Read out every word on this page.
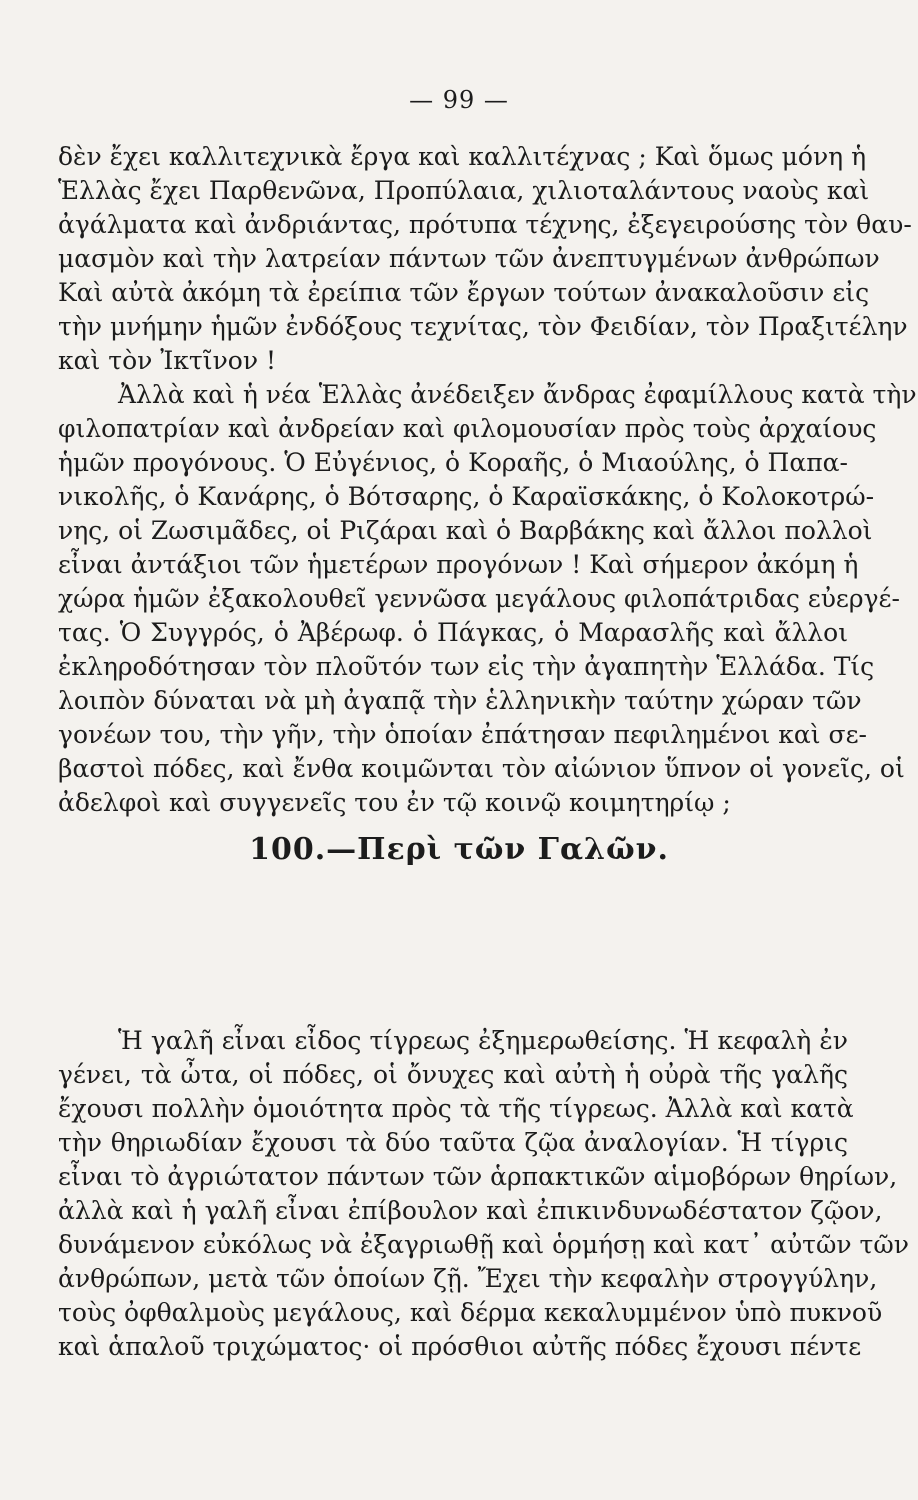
— 99 —
δὲν ἔχει καλλιτεχνικὰ ἔργα καὶ καλλιτέχνας ; Καὶ ὅμως μόνη ἡ
Ἑλλὰς ἔχει Παρθενῶνα, Προπύλαια, χιλιοταλάντους ναοὺς καὶ
ἀγάλματα καὶ ἀνδριάντας, πρότυπα τέχνης, ἐξεγειρούσης τὸν θαυ-
μασμὸν καὶ τὴν λατρείαν πάντων τῶν ἀνεπτυγμένων ἀνθρώπων
Καὶ αὐτὰ ἀκόμη τὰ ἐρείπια τῶν ἔργων τούτων ἀνακαλοῦσιν εἰς
τὴν μνήμην ἡμῶν ἐνδόξους τεχνίτας, τὸν Φειδίαν, τὸν Πραξιτέλην
καὶ τὸν Ἰκτῖνον !
Ἀλλὰ καὶ ἡ νέα Ἑλλὰς ἀνέδειξεν ἄνδρας ἐφαμίλλους κατὰ τὴν
φιλοπατρίαν καὶ ἀνδρείαν καὶ φιλομουσίαν πρὸς τοὺς ἀρχαίους
ἡμῶν προγόνους. Ὁ Εὐγένιος, ὁ Κοραῆς, ὁ Μιαούλης, ὁ Παπα-
νικολῆς, ὁ Κανάρης, ὁ Βότσαρης, ὁ Καραϊσκάκης, ὁ Κολοκοτρώ-
νης, οἱ Ζωσιμᾶδες, οἱ Ριζάραι καὶ ὁ Βαρβάκης καὶ ἄλλοι πολλοὶ
εἶναι ἀντάξιοι τῶν ἡμετέρων προγόνων ! Καὶ σήμερον ἀκόμη ἡ
χώρα ἡμῶν ἐξακολουθεῖ γεννῶσα μεγάλους φιλοπάτριδας εὐεργέ-
τας. Ὁ Συγγρός, ὁ Ἀβέρωφ. ὁ Πάγκας, ὁ Μαρασλῆς καὶ ἄλλοι
ἐκληροδότησαν τὸν πλοῦτόν των εἰς τὴν ἀγαπητὴν Ἑλλάδα. Τίς
λοιπὸν δύναται νὰ μὴ ἀγαπᾷ τὴν ἑλληνικὴν ταύτην χώραν τῶν
γονέων του, τὴν γῆν, τὴν ὁποίαν ἐπάτησαν πεφιλημένοι καὶ σε-
βαστοὶ πόδες, καὶ ἔνθα κοιμῶνται τὸν αἰώνιον ὕπνον οἱ γονεῖς, οἱ
ἀδελφοὶ καὶ συγγενεῖς του ἐν τῷ κοινῷ κοιμητηρίῳ ;
100.—Περὶ τῶν Γαλῶν.
Ἡ γαλῆ εἶναι εἶδος τίγρεως ἐξημερωθείσης. Ἡ κεφαλὴ ἐν
γένει, τὰ ὦτα, οἱ πόδες, οἱ ὄνυχες καὶ αὐτὴ ἡ οὐρὰ τῆς γαλῆς
ἔχουσι πολλὴν ὁμοιότητα πρὸς τὰ τῆς τίγρεως. Ἀλλὰ καὶ κατὰ
τὴν θηριωδίαν ἔχουσι τὰ δύο ταῦτα ζῷα ἀναλογίαν. Ἡ τίγρις
εἶναι τὸ ἀγριώτατον πάντων τῶν ἁρπακτικῶν αἱμοβόρων θηρίων,
ἀλλὰ καὶ ἡ γαλῆ εἶναι ἐπίβουλον καὶ ἐπικινδυνωδέστατον ζῷον,
δυνάμενον εὐκόλως νὰ ἐξαγριωθῇ καὶ ὁρμήσῃ καὶ κατ᾽ αὐτῶν τῶν
ἀνθρώπων, μετὰ τῶν ὁποίων ζῇ. Ἔχει τὴν κεφαλὴν στρογγύλην,
τοὺς ὀφθαλμοὺς μεγάλους, καὶ δέρμα κεκαλυμμένον ὑπὸ πυκνοῦ
καὶ ἁπαλοῦ τριχώματος· οἱ πρόσθιοι αὐτῆς πόδες ἔχουσι πέντε
